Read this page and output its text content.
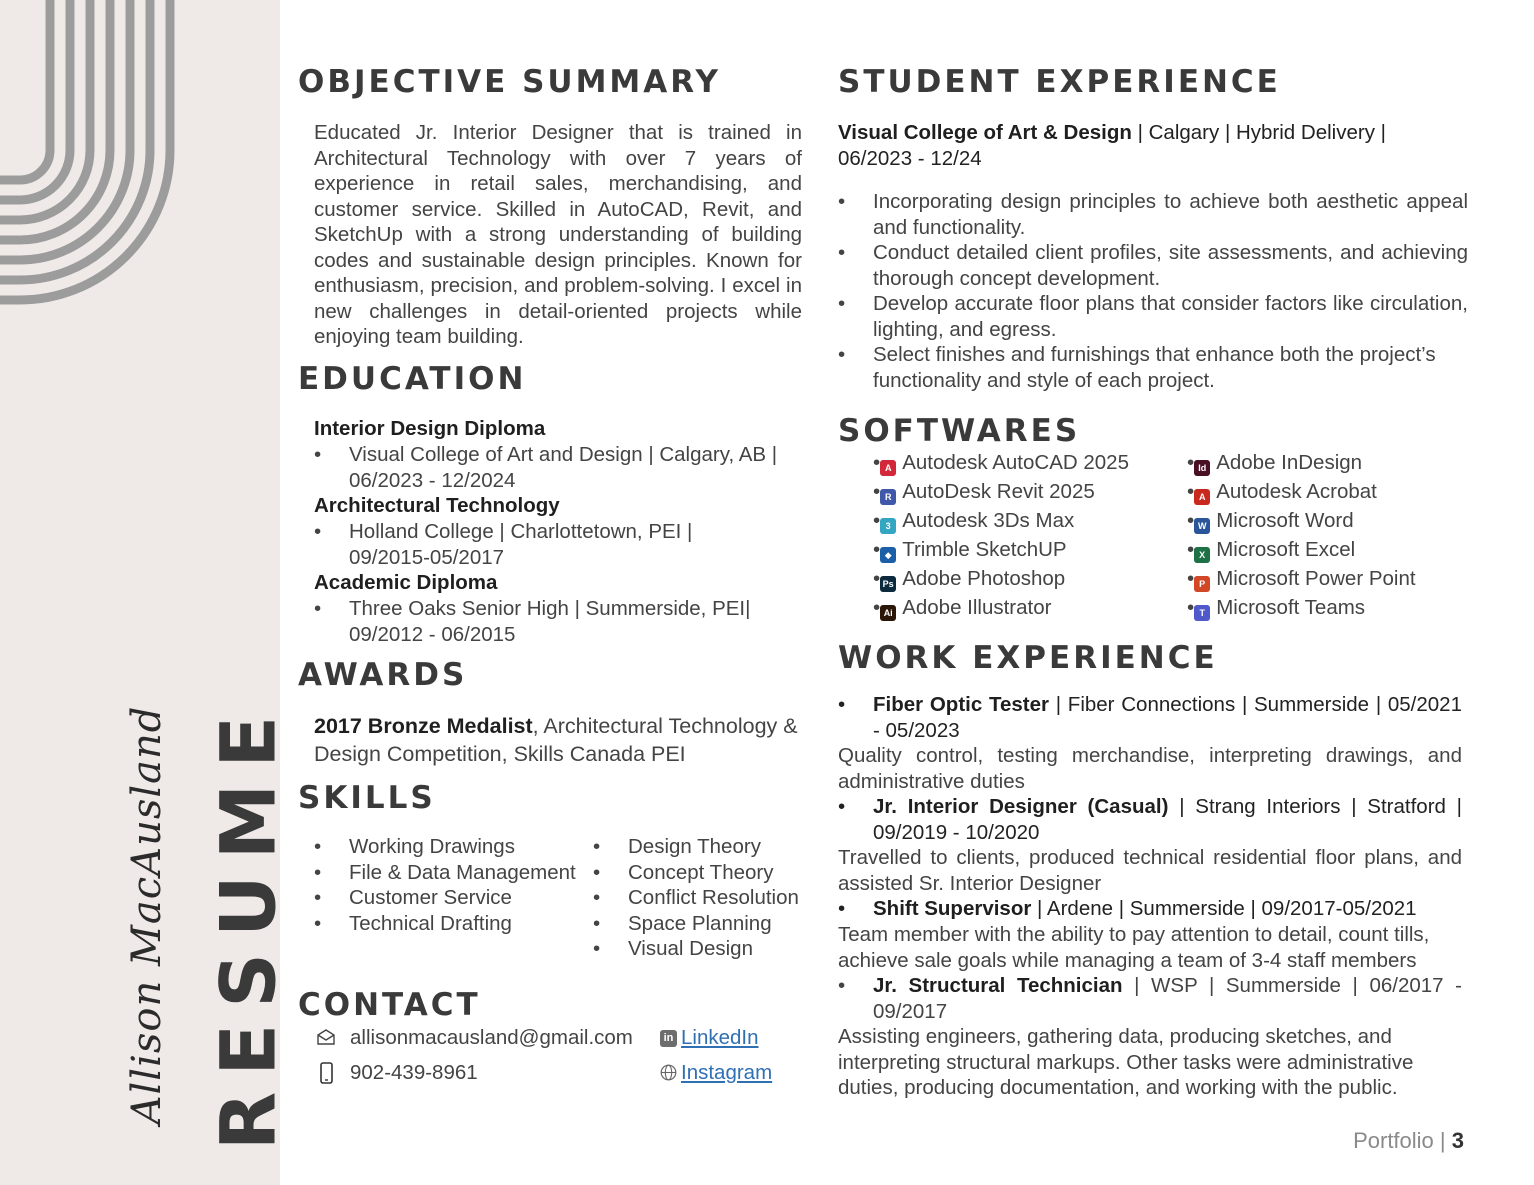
RESUME
Allison MacAusland
OBJECTIVE SUMMARY
Educated Jr. Interior Designer that is trained in Architectural Technology with over 7 years of experience in retail sales, merchandising, and customer service. Skilled in AutoCAD, Revit, and SketchUp with a strong understanding of building codes and sustainable design principles. Known for enthusiasm, precision, and problem-solving. I excel in new challenges in detail-oriented projects while enjoying team building.
EDUCATION
Interior Design Diploma
•	Visual College of Art and Design | Calgary, AB | 06/2023 - 12/2024
Architectural Technology
•	Holland College | Charlottetown, PEI | 09/2015-05/2017
Academic Diploma
•	Three Oaks Senior High | Summerside, PEI| 09/2012 - 06/2015
AWARDS
2017 Bronze Medalist, Architectural Technology & Design Competition, Skills Canada PEI
SKILLS
•	Working Drawings
•	File & Data Management
•	Customer Service
•	Technical Drafting
•	Design Theory
•	Concept Theory
•	Conflict Resolution
•	Space Planning
•	Visual Design
CONTACT
allisonmacausland@gmail.com
902-439-8961
in LinkedIn
Instagram
STUDENT EXPERIENCE
Visual College of Art & Design | Calgary | Hybrid Delivery | 06/2023 - 12/24
•	Incorporating design principles to achieve both aesthetic appeal and functionality.
•	Conduct detailed client profiles, site assessments, and achieving thorough concept development.
•	Develop accurate floor plans that consider factors like circulation, lighting, and egress.
•	Select finishes and furnishings that enhance both the project’s functionality and style of each project.
SOFTWARES
• A Autodesk AutoCAD 2025
• R AutoDesk Revit 2025
• 3 Autodesk 3Ds Max
• ◆ Trimble SketchUP
• Ps Adobe Photoshop
• Ai Adobe Illustrator
• Id Adobe InDesign
• A Autodesk Acrobat
• W Microsoft Word
• X Microsoft Excel
• P Microsoft Power Point
• T Microsoft Teams
WORK EXPERIENCE
•	Fiber Optic Tester | Fiber Connections | Summerside | 05/2021 - 05/2023
Quality control, testing merchandise, interpreting drawings, and administrative duties
•	Jr. Interior Designer (Casual) | Strang Interiors | Stratford | 09/2019 - 10/2020
Travelled to clients, produced technical residential floor plans, and assisted Sr. Interior Designer
•	Shift Supervisor | Ardene | Summerside | 09/2017-05/2021
Team member with the ability to pay attention to detail, count tills, achieve sale goals while managing a team of 3-4 staff members
•	Jr. Structural Technician | WSP | Summerside | 06/2017 - 09/2017
Assisting engineers, gathering data, producing sketches, and interpreting structural markups. Other tasks were administrative duties, producing documentation, and working with the public.
Portfolio | 3
